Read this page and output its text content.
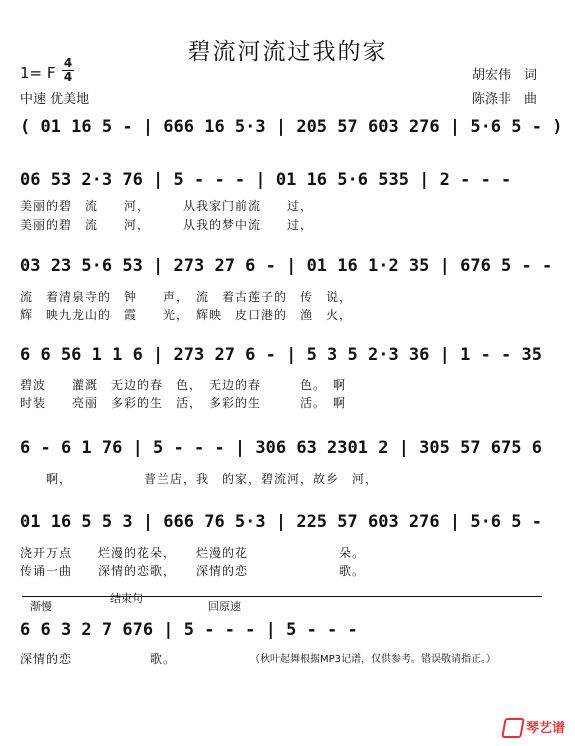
碧流河流过我的家
1= F
4
4
中速 优美地
胡宏伟　词
陈涤非　曲
( 01 16 5 - | 666 16 5·3 | 205 57 603 276 | 5·6 5 - )
06 53 2·3 76 | 5 - - - | 01 16 5·6 535 | 2 - - -
美丽的碧　流　　河，　　　从我家门前流　　过，
美丽的碧　流　　河，　　　从我的梦中流　　过，
03 23 5·6 53 | 273 27 6 - | 01 16 1·2 35 | 676 5 - -
流　着清泉寺的　钟　　声，　流　着古莲子的　传　说，
辉　映九龙山的　霞　　光，　辉映　皮口港的　渔　火，
6 6 56 1 1 6 | 273 27 6 - | 5 3 5 2·3 36 | 1 - - 35
碧波　　灌溉　无边的春　色，　无边的春　　　色。　啊
时装　　亮丽　多彩的生　活，　多彩的生　　　活。　啊
6 - 6 1 76 | 5 - - - | 306 63 2301 2 | 305 57 675 6
　　啊，　　　　　　普兰店，我　的家，碧流河，故乡　河，
01 16 5 5 3 | 666 76 5·3 | 225 57 603 276 | 5·6 5 -
浇开万点　　烂漫的花朵，　　烂漫的花　　　　　　　朵。
传诵一曲　　深情的恋歌，　　深情的恋　　　　　　　歌。
渐慢
结束句
回原速
6 6 3 2 7 676 | 5 - - - | 5 - - -
深情的恋　　　　　　歌。	（秋叶起舞根据MP3记谱，仅供参考。错误敬请指正。）
琴艺谱
